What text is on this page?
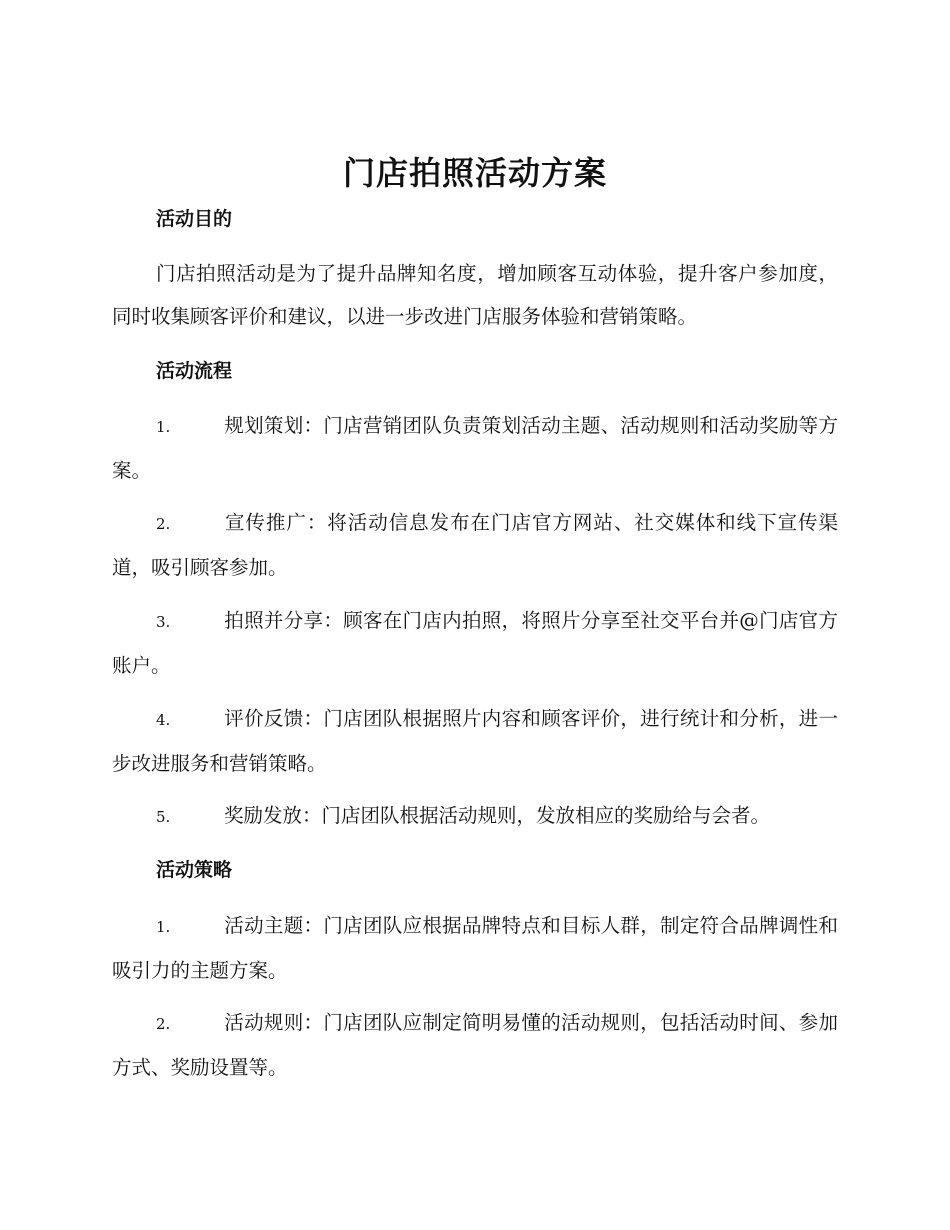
门店拍照活动方案
活动目的

门店拍照活动是为了提升品牌知名度，增加顾客互动体验，提升客户参加度，同时收集顾客评价和建议，以进一步改进门店服务体验和营销策略。

活动流程

1.	规划策划：门店营销团队负责策划活动主题、活动规则和活动奖励等方案。

2.	宣传推广：将活动信息发布在门店官方网站、社交媒体和线下宣传渠道，吸引顾客参加。

3.	拍照并分享：顾客在门店内拍照，将照片分享至社交平台并@门店官方账户。

4.	评价反馈：门店团队根据照片内容和顾客评价，进行统计和分析，进一步改进服务和营销策略。

5.	奖励发放：门店团队根据活动规则，发放相应的奖励给与会者。

活动策略

1.	活动主题：门店团队应根据品牌特点和目标人群，制定符合品牌调性和吸引力的主题方案。

2.	活动规则：门店团队应制定简明易懂的活动规则，包括活动时间、参加方式、奖励设置等。
